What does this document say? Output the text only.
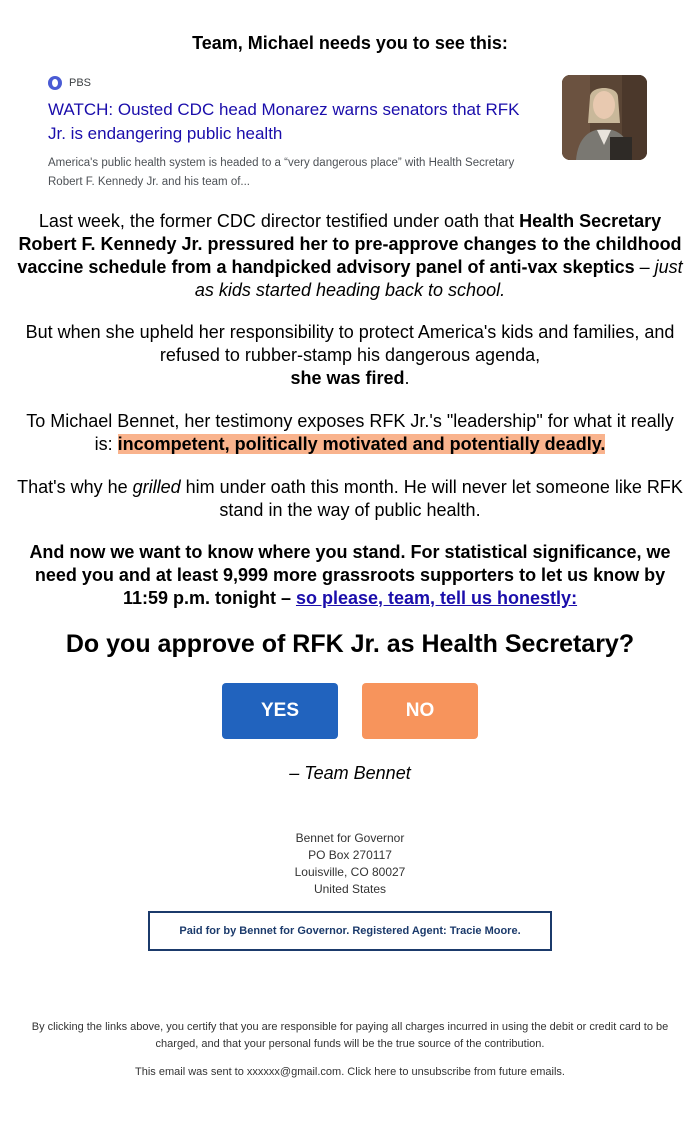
Team, Michael needs you to see this:
PBS
WATCH: Ousted CDC head Monarez warns senators that RFK Jr. is endangering public health
America's public health system is headed to a “very dangerous place” with Health Secretary Robert F. Kennedy Jr. and his team of...
Last week, the former CDC director testified under oath that Health Secretary Robert F. Kennedy Jr. pressured her to pre-approve changes to the childhood vaccine schedule from a handpicked advisory panel of anti-vax skeptics – just as kids started heading back to school.
But when she upheld her responsibility to protect America's kids and families, and refused to rubber-stamp his dangerous agenda,
she was fired.
To Michael Bennet, her testimony exposes RFK Jr.'s "leadership" for what it really is: incompetent, politically motivated and potentially deadly.
That's why he grilled him under oath this month. He will never let someone like RFK stand in the way of public health.
And now we want to know where you stand. For statistical significance, we need you and at least 9,999 more grassroots supporters to let us know by 11:59 p.m. tonight – so please, team, tell us honestly:
Do you approve of RFK Jr. as Health Secretary?
YES	NO
– Team Bennet
Bennet for Governor
PO Box 270117
Louisville, CO 80027
United States
Paid for by Bennet for Governor. Registered Agent: Tracie Moore.
By clicking the links above, you certify that you are responsible for paying all charges incurred in using the debit or credit card to be charged, and that your personal funds will be the true source of the contribution.
This email was sent to xxxxxx@gmail.com. Click here to unsubscribe from future emails.
